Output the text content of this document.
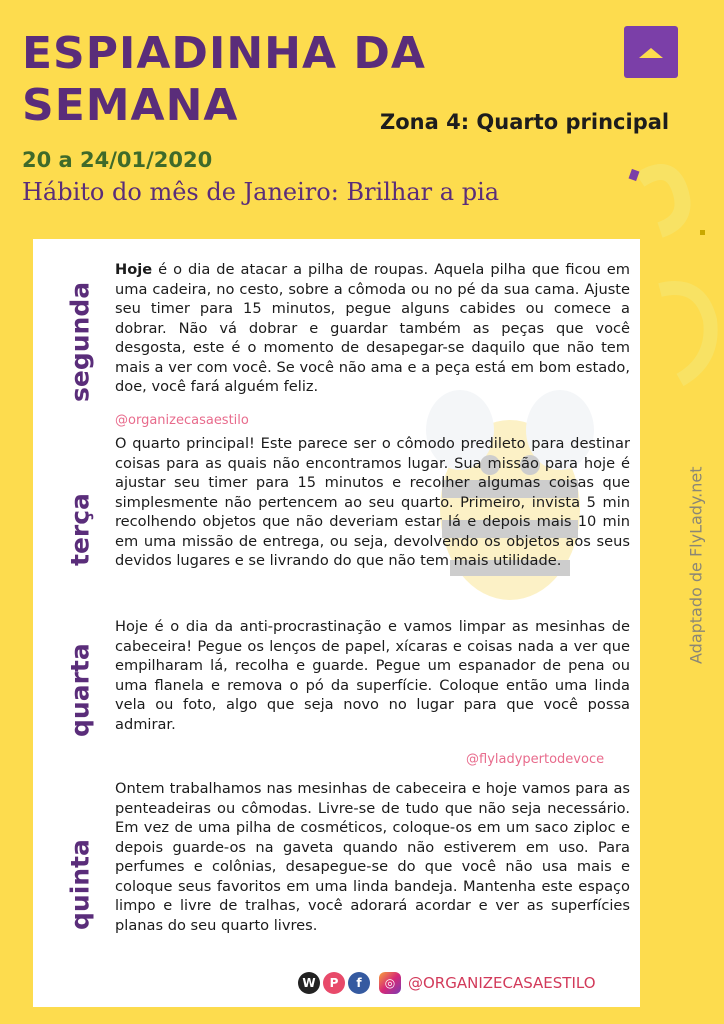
ESPIADINHA DA
SEMANA	Zona 4: Quarto principal
20 a 24/01/2020
Hábito do mês de Janeiro: Brilhar a pia
segunda

Hoje é o dia de atacar a pilha de roupas. Aquela pilha que ficou em uma cadeira, no cesto, sobre a cômoda ou no pé da sua cama. Ajuste seu timer para 15 minutos, pegue alguns cabides ou comece a dobrar. Não vá dobrar e guardar também as peças que você desgosta, este é o momento de desapegar-se daquilo que não tem mais a ver com você. Se você não ama e a peça está em bom estado, doe, você fará alguém feliz.

@organizecasaestilo
terça

O quarto principal! Este parece ser o cômodo predileto para destinar coisas para as quais não encontramos lugar. Sua missão para hoje é ajustar seu timer para 15 minutos e recolher algumas coisas que simplesmente não pertencem ao seu quarto. Primeiro, invista 5 min recolhendo objetos que não deveriam estar lá e depois mais 10 min em uma missão de entrega, ou seja, devolvendo os objetos aos seus devidos lugares e se livrando do que não tem mais utilidade.

quarta

Hoje é o dia da anti-procrastinação e vamos limpar as mesinhas de cabeceira! Pegue os lenços de papel, xícaras e coisas nada a ver que empilharam lá, recolha e guarde. Pegue um espanador de pena ou uma flanela e remova o pó da superfície. Coloque então uma linda vela ou foto, algo que seja novo no lugar para que você possa admirar.

@flyladypertodevoce
quinta

Ontem trabalhamos nas mesinhas de cabeceira e hoje vamos para as penteadeiras ou cômodas. Livre-se de tudo que não seja necessário. Em vez de uma pilha de cosméticos, coloque-os em um saco ziploc e depois guarde-os na gaveta quando não estiverem em uso. Para perfumes e colônias, desapegue-se do que você não usa mais e coloque seus favoritos em uma linda bandeja. Mantenha este espaço limpo e livre de tralhas, você adorará acordar e ver as superfícies planas do seu quarto livres.

Adaptado de FlyLady.net
W	P	f	◎ @ORGANIZECASAESTILO
